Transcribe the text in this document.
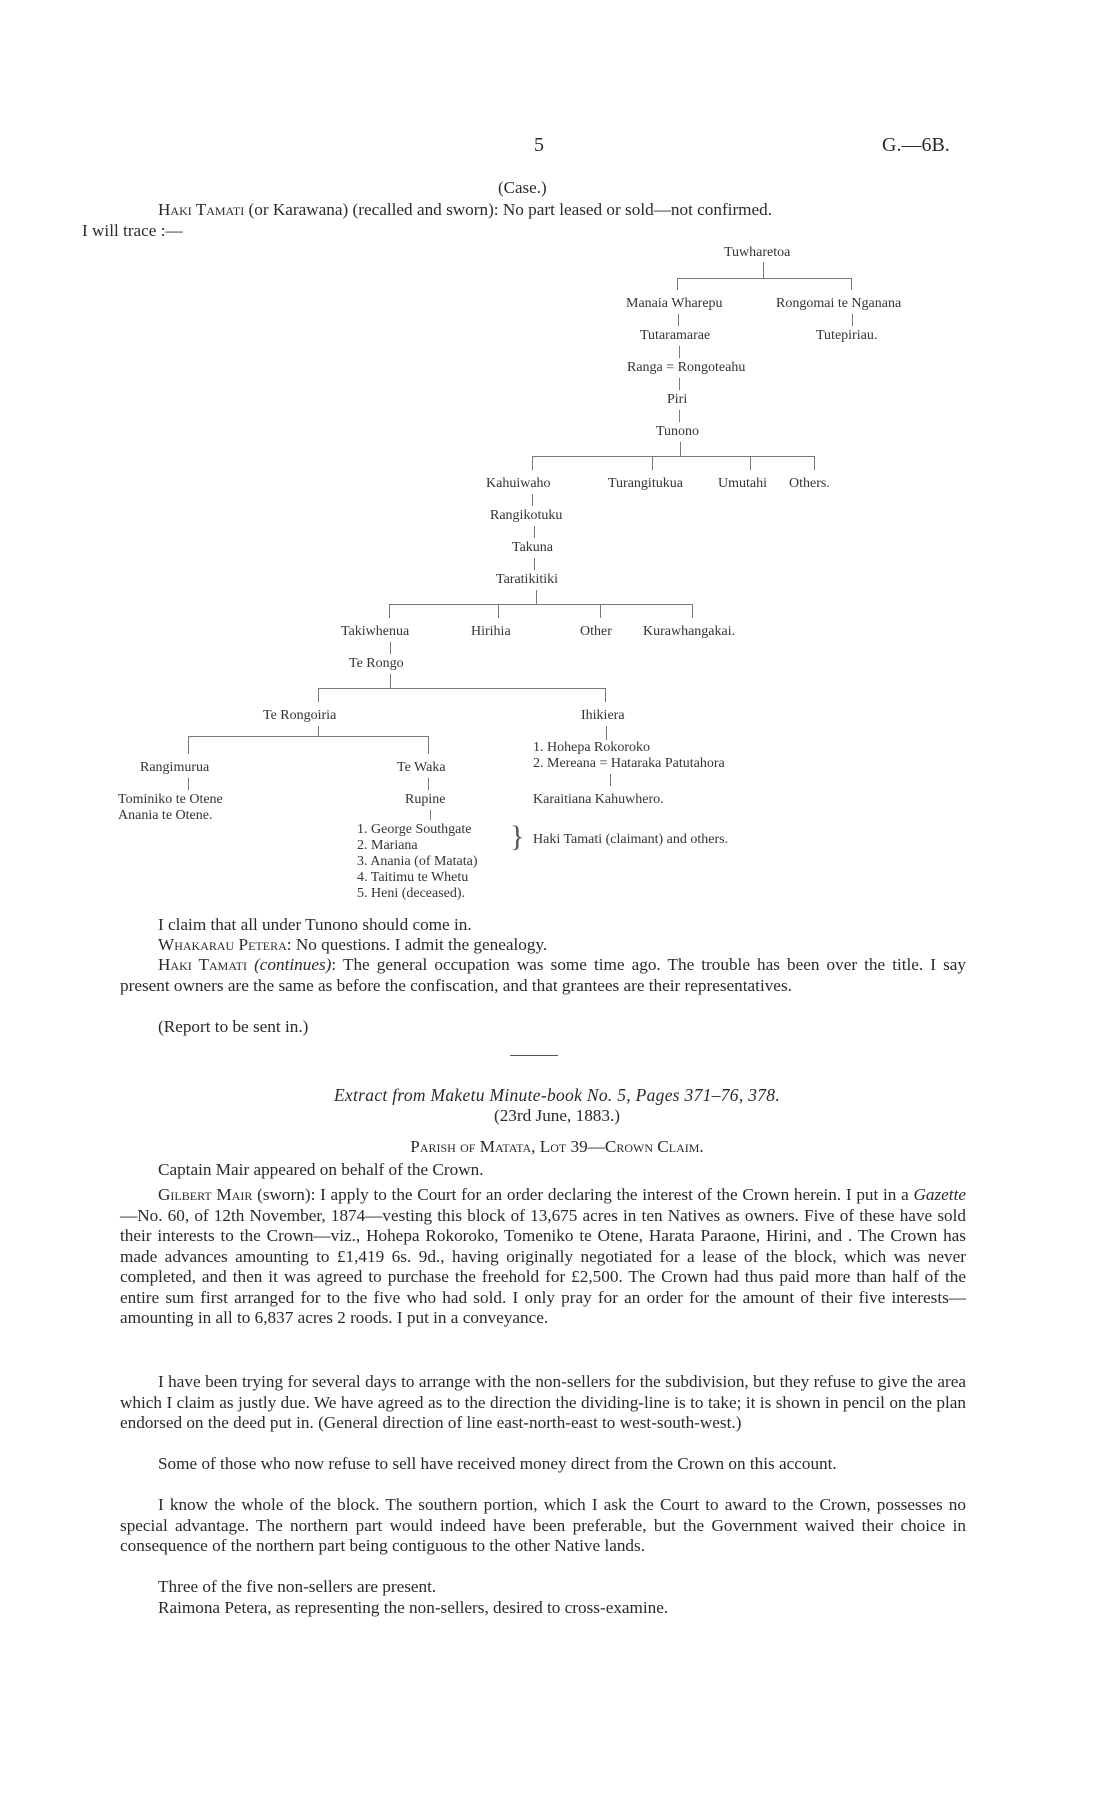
5	G.—6B.
(Case.)
Haki Tamati (or Karawana) (recalled and sworn): No part leased or sold—not confirmed.
I will trace :—
Tuwharetoa
Manaia Wharepu	Rongomai te Nganana
Tutaramarae	Tutepiriau.
Ranga = Rongoteahu
Piri
Tunono
Kahuiwaho	Turangitukua	Umutahi Others.
Rangikotuku
Takuna
Taratikitiki
Takiwhenua	Hirihia	Other Kurawhangakai.
Te Rongo
Te Rongoiria	Ihikiera
1. Hohepa Rokoroko
2. Mereana = Hataraka Patutahora
Rangimurua	Te Waka
Tominiko te Otene
Anania te Otene.
Rupine	Karaitiana Kahuwhero.
1. George Southgate
2. Mariana
3. Anania (of Matata)
4. Taitimu te Whetu
5. Heni (deceased).
} Haki Tamati (claimant) and others.
I claim that all under Tunono should come in.
Whakarau Petera: No questions. I admit the genealogy.
Haki Tamati (continues): The general occupation was some time ago. The trouble has been over the title. I say present owners are the same as before the confiscation, and that grantees are their representatives.
(Report to be sent in.)
Extract from Maketu Minute-book No. 5, Pages 371–76, 378.
(23rd June, 1883.)
Parish of Matata, Lot 39—Crown Claim.
Captain Mair appeared on behalf of the Crown.
Gilbert Mair (sworn): I apply to the Court for an order declaring the interest of the Crown herein. I put in a Gazette—No. 60, of 12th November, 1874—vesting this block of 13,675 acres in ten Natives as owners. Five of these have sold their interests to the Crown—viz., Hohepa Rokoroko, Tomeniko te Otene, Harata Paraone, Hirini, and . The Crown has made advances amounting to £1,419 6s. 9d., having originally negotiated for a lease of the block, which was never completed, and then it was agreed to purchase the freehold for £2,500. The Crown had thus paid more than half of the entire sum first arranged for to the five who had sold. I only pray for an order for the amount of their five interests—amounting in all to 6,837 acres 2 roods. I put in a conveyance.
I have been trying for several days to arrange with the non-sellers for the subdivision, but they refuse to give the area which I claim as justly due. We have agreed as to the direction the dividing-line is to take; it is shown in pencil on the plan endorsed on the deed put in. (General direction of line east-north-east to west-south-west.)
Some of those who now refuse to sell have received money direct from the Crown on this account.
I know the whole of the block. The southern portion, which I ask the Court to award to the Crown, possesses no special advantage. The northern part would indeed have been preferable, but the Government waived their choice in consequence of the northern part being contiguous to the other Native lands.
Three of the five non-sellers are present.
Raimona Petera, as representing the non-sellers, desired to cross-examine.
